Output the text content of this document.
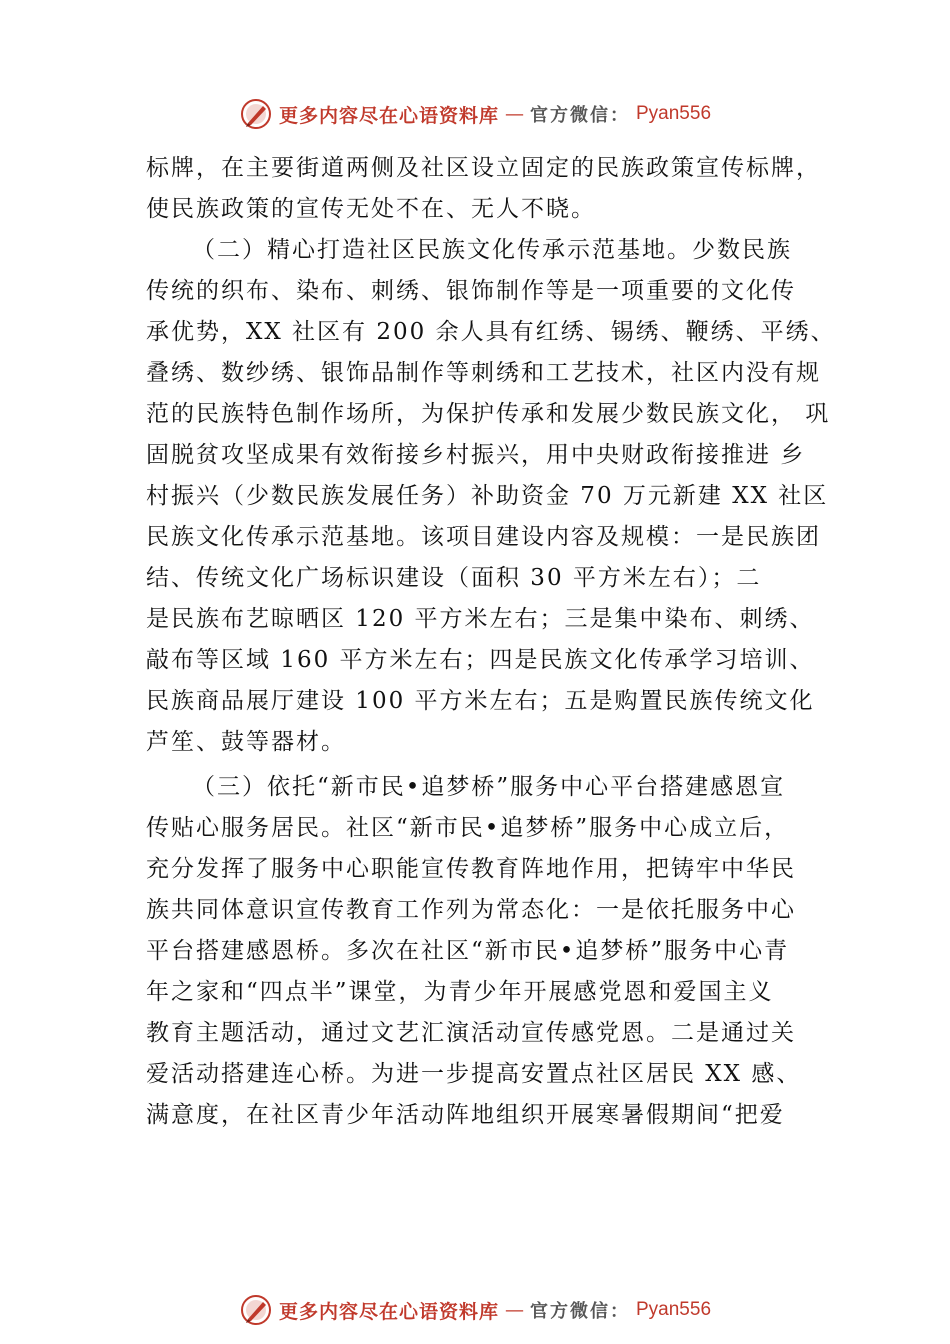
更多内容尽在心语资料库 — 官方微信： Pyan556
标牌，在主要街道两侧及社区设立固定的民族政策宣传标牌，
使民族政策的宣传无处不在、无人不晓。
（二）精心打造社区民族文化传承示范基地。少数民族
传统的织布、染布、刺绣、银饰制作等是一项重要的文化传
承优势，XX 社区有 200 余人具有红绣、锡绣、鞭绣、平绣、
叠绣、数纱绣、银饰品制作等刺绣和工艺技术，社区内没有规
范的民族特色制作场所，为保护传承和发展少数民族文化， 巩
固脱贫攻坚成果有效衔接乡村振兴，用中央财政衔接推进 乡
村振兴（少数民族发展任务）补助资金 70 万元新建 XX 社区
民族文化传承示范基地。该项目建设内容及规模：一是民族团
结、传统文化广场标识建设（面积 30 平方米左右）；二
是民族布艺晾晒区 120 平方米左右；三是集中染布、刺绣、
敲布等区域 160 平方米左右；四是民族文化传承学习培训、
民族商品展厅建设 100 平方米左右；五是购置民族传统文化
芦笙、鼓等器材。
（三）依托“新市民•追梦桥”服务中心平台搭建感恩宣
传贴心服务居民。社区“新市民•追梦桥”服务中心成立后，
充分发挥了服务中心职能宣传教育阵地作用，把铸牢中华民
族共同体意识宣传教育工作列为常态化：一是依托服务中心
平台搭建感恩桥。多次在社区“新市民•追梦桥”服务中心青
年之家和“四点半”课堂，为青少年开展感党恩和爱国主义
教育主题活动，通过文艺汇演活动宣传感党恩。二是通过关
爱活动搭建连心桥。为进一步提高安置点社区居民 XX 感、
满意度，在社区青少年活动阵地组织开展寒暑假期间“把爱
更多内容尽在心语资料库 — 官方微信： Pyan556
